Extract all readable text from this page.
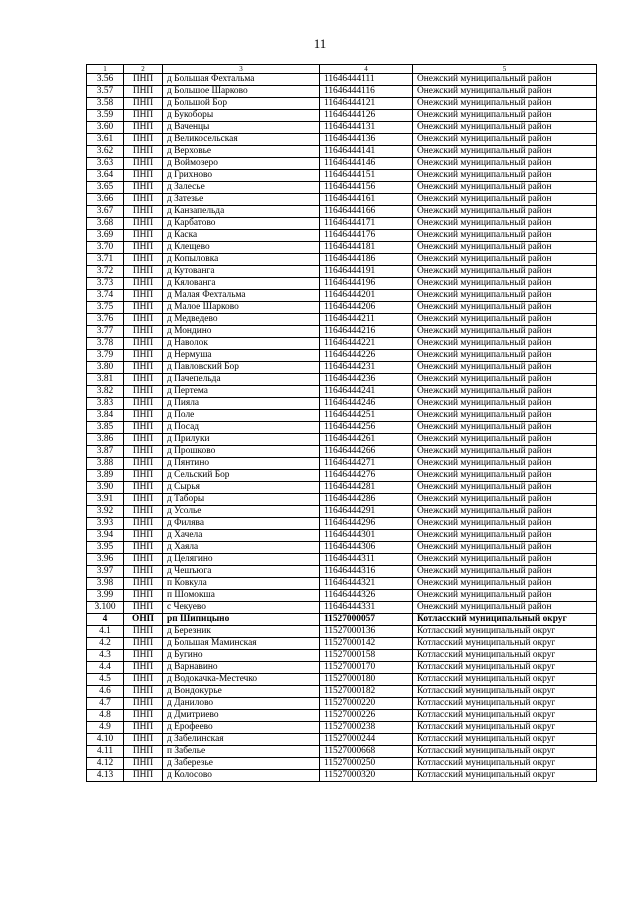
11
1	2	3	4	5
3.56	ПНП	д Большая Фехтальма	11646444111	Онежский муниципальный район
3.57	ПНП	д Большое Шарково	11646444116	Онежский муниципальный район
3.58	ПНП	д Большой Бор	11646444121	Онежский муниципальный район
3.59	ПНП	д Букоборы	11646444126	Онежский муниципальный район
3.60	ПНП	д Ваченцы	11646444131	Онежский муниципальный район
3.61	ПНП	д Великосельская	11646444136	Онежский муниципальный район
3.62	ПНП	д Верховье	11646444141	Онежский муниципальный район
3.63	ПНП	д Воймозеро	11646444146	Онежский муниципальный район
3.64	ПНП	д Грихново	11646444151	Онежский муниципальный район
3.65	ПНП	д Залесье	11646444156	Онежский муниципальный район
3.66	ПНП	д Затезье	11646444161	Онежский муниципальный район
3.67	ПНП	д Канзапельда	11646444166	Онежский муниципальный район
3.68	ПНП	д Карбатово	11646444171	Онежский муниципальный район
3.69	ПНП	д Каска	11646444176	Онежский муниципальный район
3.70	ПНП	д Клещево	11646444181	Онежский муниципальный район
3.71	ПНП	д Копыловка	11646444186	Онежский муниципальный район
3.72	ПНП	д Кутованга	11646444191	Онежский муниципальный район
3.73	ПНП	д Кялованга	11646444196	Онежский муниципальный район
3.74	ПНП	д Малая Фехтальма	11646444201	Онежский муниципальный район
3.75	ПНП	д Малое Шарково	11646444206	Онежский муниципальный район
3.76	ПНП	д Медведево	11646444211	Онежский муниципальный район
3.77	ПНП	д Мондино	11646444216	Онежский муниципальный район
3.78	ПНП	д Наволок	11646444221	Онежский муниципальный район
3.79	ПНП	д Нермуша	11646444226	Онежский муниципальный район
3.80	ПНП	д Павловский Бор	11646444231	Онежский муниципальный район
3.81	ПНП	д Пачепельда	11646444236	Онежский муниципальный район
3.82	ПНП	д Пертема	11646444241	Онежский муниципальный район
3.83	ПНП	д Пияла	11646444246	Онежский муниципальный район
3.84	ПНП	д Поле	11646444251	Онежский муниципальный район
3.85	ПНП	д Посад	11646444256	Онежский муниципальный район
3.86	ПНП	д Прилуки	11646444261	Онежский муниципальный район
3.87	ПНП	д Прошково	11646444266	Онежский муниципальный район
3.88	ПНП	д Пянтино	11646444271	Онежский муниципальный район
3.89	ПНП	д Сельский Бор	11646444276	Онежский муниципальный район
3.90	ПНП	д Сырья	11646444281	Онежский муниципальный район
3.91	ПНП	д Таборы	11646444286	Онежский муниципальный район
3.92	ПНП	д Усолье	11646444291	Онежский муниципальный район
3.93	ПНП	д Филява	11646444296	Онежский муниципальный район
3.94	ПНП	д Хачела	11646444301	Онежский муниципальный район
3.95	ПНП	д Хаяла	11646444306	Онежский муниципальный район
3.96	ПНП	д Целягино	11646444311	Онежский муниципальный район
3.97	ПНП	д Чешъюга	11646444316	Онежский муниципальный район
3.98	ПНП	п Ковкула	11646444321	Онежский муниципальный район
3.99	ПНП	п Шомокша	11646444326	Онежский муниципальный район
3.100	ПНП	с Чекуево	11646444331	Онежский муниципальный район
4	ОНП	рп Шипицыно	11527000057	Котласский муниципальный округ
4.1	ПНП	д Березник	11527000136	Котласский муниципальный округ
4.2	ПНП	д Большая Маминская	11527000142	Котласский муниципальный округ
4.3	ПНП	д Бугино	11527000158	Котласский муниципальный округ
4.4	ПНП	д Варнавино	11527000170	Котласский муниципальный округ
4.5	ПНП	д Водокачка-Местечко	11527000180	Котласский муниципальный округ
4.6	ПНП	д Вондокурье	11527000182	Котласский муниципальный округ
4.7	ПНП	д Данилово	11527000220	Котласский муниципальный округ
4.8	ПНП	д Дмитриево	11527000226	Котласский муниципальный округ
4.9	ПНП	д Ерофеево	11527000238	Котласский муниципальный округ
4.10	ПНП	д Забелинская	11527000244	Котласский муниципальный округ
4.11	ПНП	п Забелье	11527000668	Котласский муниципальный округ
4.12	ПНП	д Заберезье	11527000250	Котласский муниципальный округ
4.13	ПНП	д Колосово	11527000320	Котласский муниципальный округ
